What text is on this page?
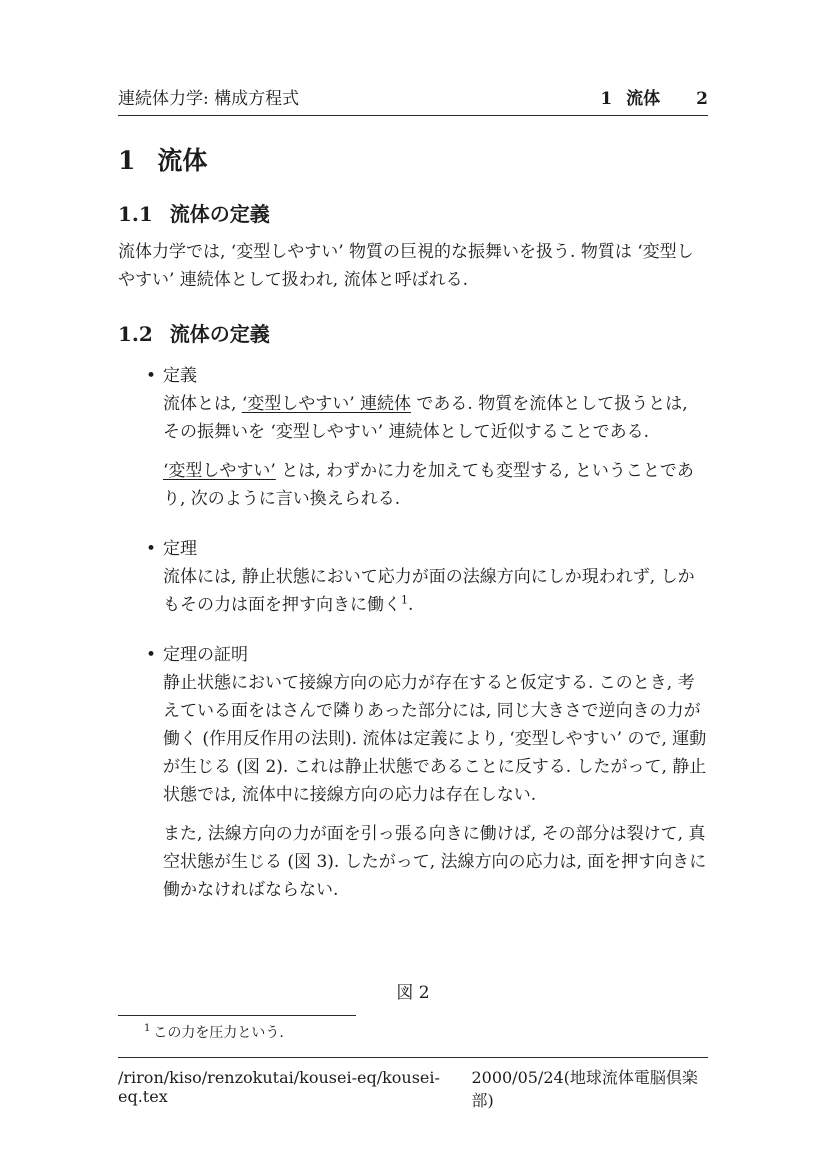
連続体力学: 構成方程式	1 流体 2
1 流体
1.1 流体の定義

流体力学では, ‘変型しやすい’ 物質の巨視的な振舞いを扱う. 物質は ‘変型しやすい’ 連続体として扱われ, 流体と呼ばれる.

1.2 流体の定義
• 定義

流体とは, ‘変型しやすい’ 連続体 である. 物質を流体として扱うとは, その振舞いを ‘変型しやすい’ 連続体として近似することである.

‘変型しやすい’ とは, わずかに力を加えても変型する, ということであり, 次のように言い換えられる.

• 定理

流体には, 静止状態において応力が面の法線方向にしか現われず, しかもその力は面を押す向きに働く$^1$.

• 定理の証明

静止状態において接線方向の応力が存在すると仮定する. このとき, 考えている面をはさんで隣りあった部分には, 同じ大きさで逆向きの力が働く (作用反作用の法則). 流体は定義により, ‘変型しやすい’ ので, 運動が生じる (図 2). これは静止状態であることに反する. したがって, 静止状態では, 流体中に接線方向の応力は存在しない.

また, 法線方向の力が面を引っ張る向きに働けば, その部分は裂けて, 真空状態が生じる (図 3). したがって, 法線方向の応力は, 面を押す向きに働かなければならない.

図 2
$^1$ この力を圧力という.
/riron/kiso/renzokutai/kousei-eq/kousei-eq.tex
2000/05/24(地球流体電脳倶楽部)
